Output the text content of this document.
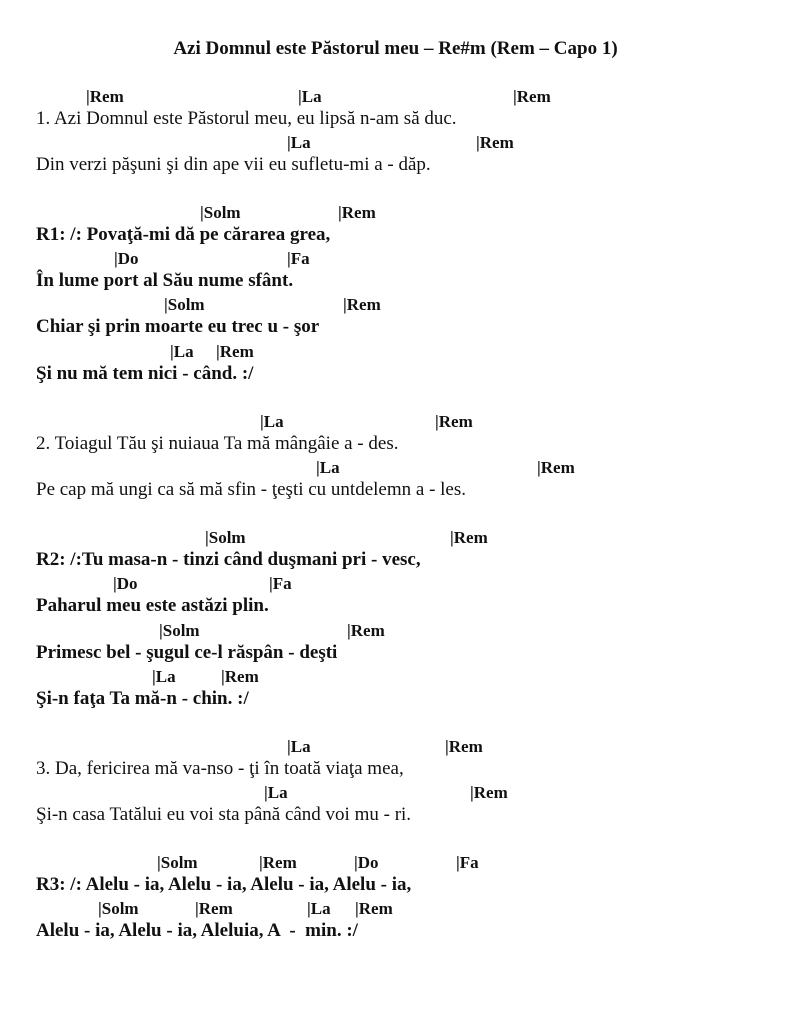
Azi Domnul este Păstorul meu – Re#m (Rem – Capo 1)
|Rem	|La	|Rem
1. Azi Domnul este Păstorul meu, eu lipsă n-am să duc.
|La	|Rem
Din verzi păşuni şi din ape vii eu sufletu-mi a - dăp.
|Solm	|Rem
R1: /: Povaţă-mi dă pe cărarea grea,
|Do	|Fa
În lume port al Său nume sfânt.
|Solm	|Rem
Chiar şi prin moarte eu trec u - şor
|La |Rem
Şi nu mă tem nici - când. :/
|La	|Rem
2. Toiagul Tău şi nuiaua Ta mă mângâie a - des.
|La	|Rem
Pe cap mă ungi ca să mă sfin - ţeşti cu untdelemn a - les.
|Solm	|Rem
R2: /:Tu masa-n - tinzi când duşmani pri - vesc,
|Do	|Fa
Paharul meu este astăzi plin.
|Solm	|Rem
Primesc bel - şugul ce-l răspân - deşti
|La	|Rem
Şi-n faţa Ta mă-n - chin. :/
|La	|Rem
3. Da, fericirea mă va-nso - ţi în toată viaţa mea,
|La	|Rem
Şi-n casa Tatălui eu voi sta până când voi mu - ri.
|Solm	|Rem	|Do	|Fa
R3: /: Alelu - ia, Alelu - ia, Alelu - ia, Alelu - ia,
|Solm	|Rem	|La |Rem
Alelu - ia, Alelu - ia, Aleluia, A  -  min. :/
